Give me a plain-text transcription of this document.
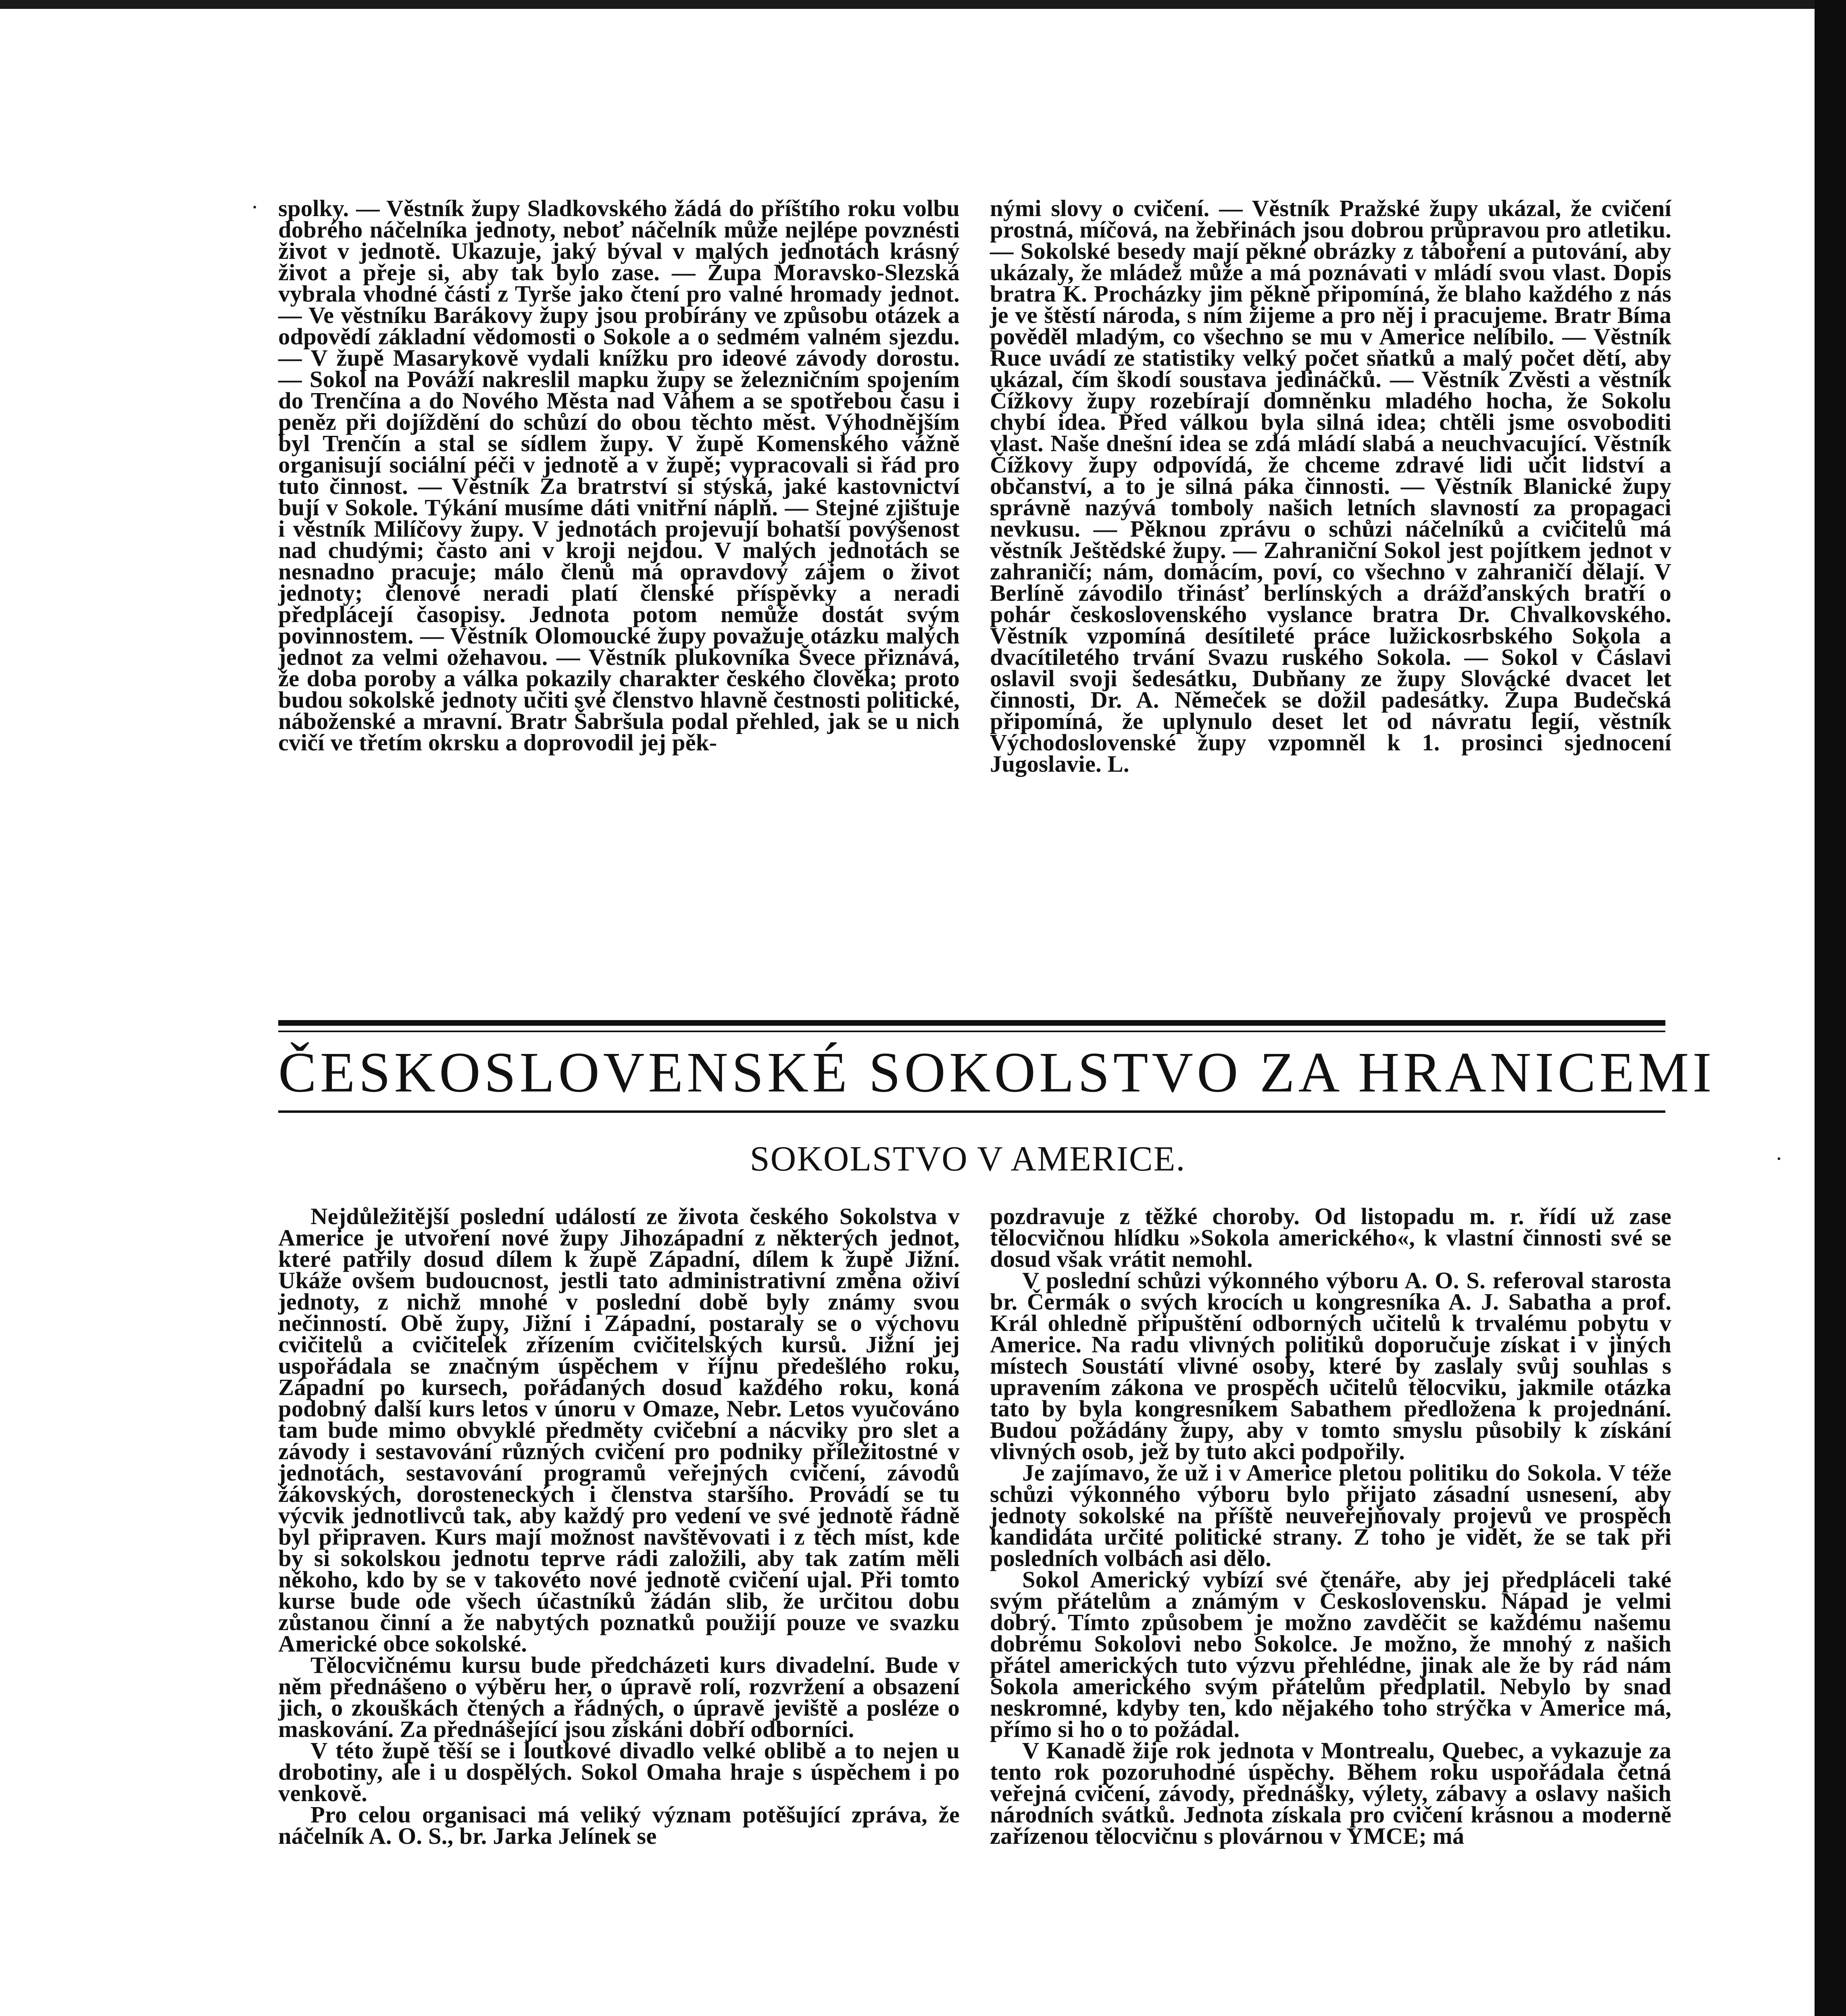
spolky. — Věstník župy Sladkovského žádá do příštího roku volbu dobrého náčelníka jednoty, neboť náčelník může nejlépe povznésti život v jednotě. Ukazuje, jaký býval v malých jednotách krásný život a přeje si, aby tak bylo zase. — Župa Moravsko-Slezská vybrala vhodné části z Tyrše jako čtení pro valné hromady jednot. — Ve věstníku Barákovy župy jsou probírány ve způsobu otázek a odpovědí základní vědomosti o Sokole a o sedmém valném sjezdu. — V župě Masarykově vydali knížku pro ideové závody dorostu. — Sokol na Pováží nakreslil mapku župy se železničním spojením do Trenčína a do Nového Města nad Váhem a se spotřebou času i peněz při dojíždění do schůzí do obou těchto měst. Výhodnějším byl Trenčín a stal se sídlem župy. V župě Komenského vážně organisují sociální péči v jednotě a v župě; vypracovali si řád pro tuto činnost. — Věstník Za bratrství si stýská, jaké kastovnictví bují v Sokole. Týkání musíme dáti vnitřní náplň. — Stejné zjištuje i věstník Milíčovy župy. V jednotách projevují bohatší povýšenost nad chudými; často ani v kroji nejdou. V malých jednotách se nesnadno pracuje; málo členů má opravdový zájem o život jednoty; členové neradi platí členské příspěvky a neradi předplácejí časopisy. Jednota potom nemůže dostát svým povinnostem. — Věstník Olomoucké župy považuje otázku malých jednot za velmi ožehavou. — Věstník plukovníka Švece přiznává, že doba poroby a válka pokazily charakter českého člověka; proto budou sokolské jednoty učiti své členstvo hlavně čestnosti politické, náboženské a mravní. Bratr Šabršula podal přehled, jak se u nich cvičí ve třetím okrsku a doprovodil jej pěk-

nými slovy o cvičení. — Věstník Pražské župy ukázal, že cvičení prostná, míčová, na žebřinách jsou dobrou průpravou pro atletiku. — Sokolské besedy mají pěkné obrázky z táboření a putování, aby ukázaly, že mládež může a má poznávati v mládí svou vlast. Dopis bratra K. Procházky jim pěkně připomíná, že blaho každého z nás je ve štěstí národa, s ním žijeme a pro něj i pracujeme. Bratr Bíma pověděl mladým, co všechno se mu v Americe nelíbilo. — Věstník Ruce uvádí ze statistiky velký počet sňatků a malý počet dětí, aby ukázal, čím škodí soustava jedináčků. — Věstník Zvěsti a věstník Čížkovy župy rozebírají domněnku mladého hocha, že Sokolu chybí idea. Před válkou byla silná idea; chtěli jsme osvoboditi vlast. Naše dnešní idea se zdá mládí slabá a neuchvacující. Věstník Čížkovy župy odpovídá, že chceme zdravé lidi učit lidství a občanství, a to je silná páka činnosti. — Věstník Blanické župy správně nazývá tomboly našich letních slavností za propagaci nevkusu. — Pěknou zprávu o schůzi náčelníků a cvičitelů má věstník Ještědské župy. — Zahraniční Sokol jest pojítkem jednot v zahraničí; nám, domácím, poví, co všechno v zahraničí dělají. V Berlíně závodilo třinásť berlínských a drážďanských bratří o pohár československého vyslance bratra Dr. Chvalkovského. Věstník vzpomíná desítileté práce lužickosrbského Sokola a dvacítiletého trvání Svazu ruského Sokola. — Sokol v Čáslavi oslavil svoji šedesátku, Dubňany ze župy Slovácké dvacet let činnosti, Dr. A. Němeček se dožil padesátky. Župa Budečská připomíná, že uplynulo deset let od návratu legií, věstník Východoslovenské župy vzpomněl k 1. prosinci sjednocení Jugoslavie. L.

ČESKOSLOVENSKÉ SOKOLSTVO ZA HRANICEMI
SOKOLSTVO V AMERICE.

Nejdůležitější poslední událostí ze života českého Sokolstva v Americe je utvoření nové župy Jihozápadní z některých jednot, které patřily dosud dílem k župě Západní, dílem k župě Jižní. Ukáže ovšem budoucnost, jestli tato administrativní změna oživí jednoty, z nichž mnohé v poslední době byly známy svou nečinností. Obě župy, Jižní i Západní, postaraly se o výchovu cvičitelů a cvičitelek zřízením cvičitelských kursů. Jižní jej uspořádala se značným úspěchem v říjnu předešlého roku, Západní po kursech, pořádaných dosud každého roku, koná podobný další kurs letos v únoru v Omaze, Nebr. Letos vyučováno tam bude mimo obvyklé předměty cvičební a nácviky pro slet a závody i sestavování různých cvičení pro podniky příležitostné v jednotách, sestavování programů veřejných cvičení, závodů žákovských, dorosteneckých i členstva staršího. Provádí se tu výcvik jednotlivců tak, aby každý pro vedení ve své jednotě řádně byl připraven. Kurs mají možnost navštěvovati i z těch míst, kde by si sokolskou jednotu teprve rádi založili, aby tak zatím měli někoho, kdo by se v takovéto nové jednotě cvičení ujal. Při tomto kurse bude ode všech účastníků žádán slib, že určitou dobu zůstanou činní a že nabytých poznatků použijí pouze ve svazku Americké obce sokolské.

Tělocvičnému kursu bude předcházeti kurs divadelní. Bude v něm přednášeno o výběru her, o úpravě rolí, rozvržení a obsazení jich, o zkouškách čtených a řádných, o úpravě jeviště a posléze o maskování. Za přednášející jsou získáni dobří odborníci.

V této župě těší se i loutkové divadlo velké oblibě a to nejen u drobotiny, ale i u dospělých. Sokol Omaha hraje s úspěchem i po venkově.

Pro celou organisaci má veliký význam potěšující zpráva, že náčelník A. O. S., br. Jarka Jelínek se

pozdravuje z těžké choroby. Od listopadu m. r. řídí už zase tělocvičnou hlídku »Sokola amerického«, k vlastní činnosti své se dosud však vrátit nemohl.

V poslední schůzi výkonného výboru A. O. S. referoval starosta br. Čermák o svých krocích u kongresníka A. J. Sabatha a prof. Král ohledně připuštění odborných učitelů k trvalému pobytu v Americe. Na radu vlivných politiků doporučuje získat i v jiných místech Soustátí vlivné osoby, které by zaslaly svůj souhlas s upravením zákona ve prospěch učitelů tělocviku, jakmile otázka tato by byla kongresníkem Sabathem předložena k projednání. Budou požádány župy, aby v tomto smyslu působily k získání vlivných osob, jež by tuto akci podpořily.

Je zajímavo, že už i v Americe pletou politiku do Sokola. V téže schůzi výkonného výboru bylo přijato zásadní usnesení, aby jednoty sokolské na příště neuveřejňovaly projevů ve prospěch kandidáta určité politické strany. Z toho je vidět, že se tak při posledních volbách asi dělo.

Sokol Americký vybízí své čtenáře, aby jej předpláceli také svým přátelům a známým v Československu. Nápad je velmi dobrý. Tímto způsobem je možno zavděčit se každému našemu dobrému Sokolovi nebo Sokolce. Je možno, že mnohý z našich přátel amerických tuto výzvu přehlédne, jinak ale že by rád nám Sokola amerického svým přátelům předplatil. Nebylo by snad neskromné, kdyby ten, kdo nějakého toho strýčka v Americe má, přímo si ho o to požádal.

V Kanadě žije rok jednota v Montrealu, Quebec, a vykazuje za tento rok pozoruhodné úspěchy. Během roku uspořádala četná veřejná cvičení, závody, přednášky, výlety, zábavy a oslavy našich národních svátků. Jednota získala pro cvičení krásnou a moderně zařízenou tělocvičnu s plovárnou v YMCE; má

·
·
